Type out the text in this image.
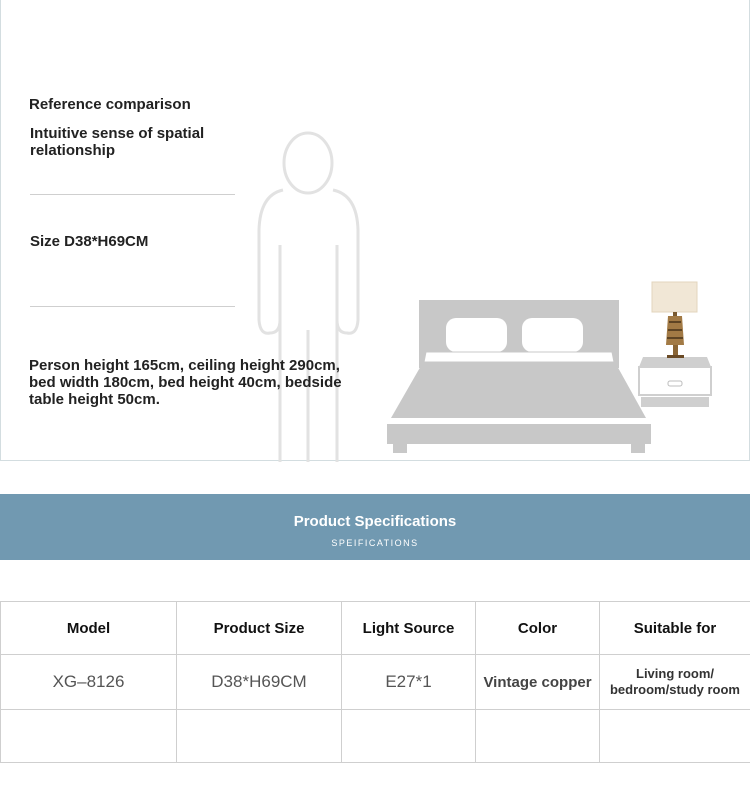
Reference comparison
Intuitive sense of spatial relationship
Size D38*H69CM
Person height 165cm, ceiling height 290cm, bed width 180cm, bed height 40cm, bedside table height 50cm.
Product Specifications
SPEIFICATIONS
Model	Product Size	Light Source	Color	Suitable for
XG–8126	D38*H69CM	E27*1	Vintage copper	Living room/ bedroom/study room
